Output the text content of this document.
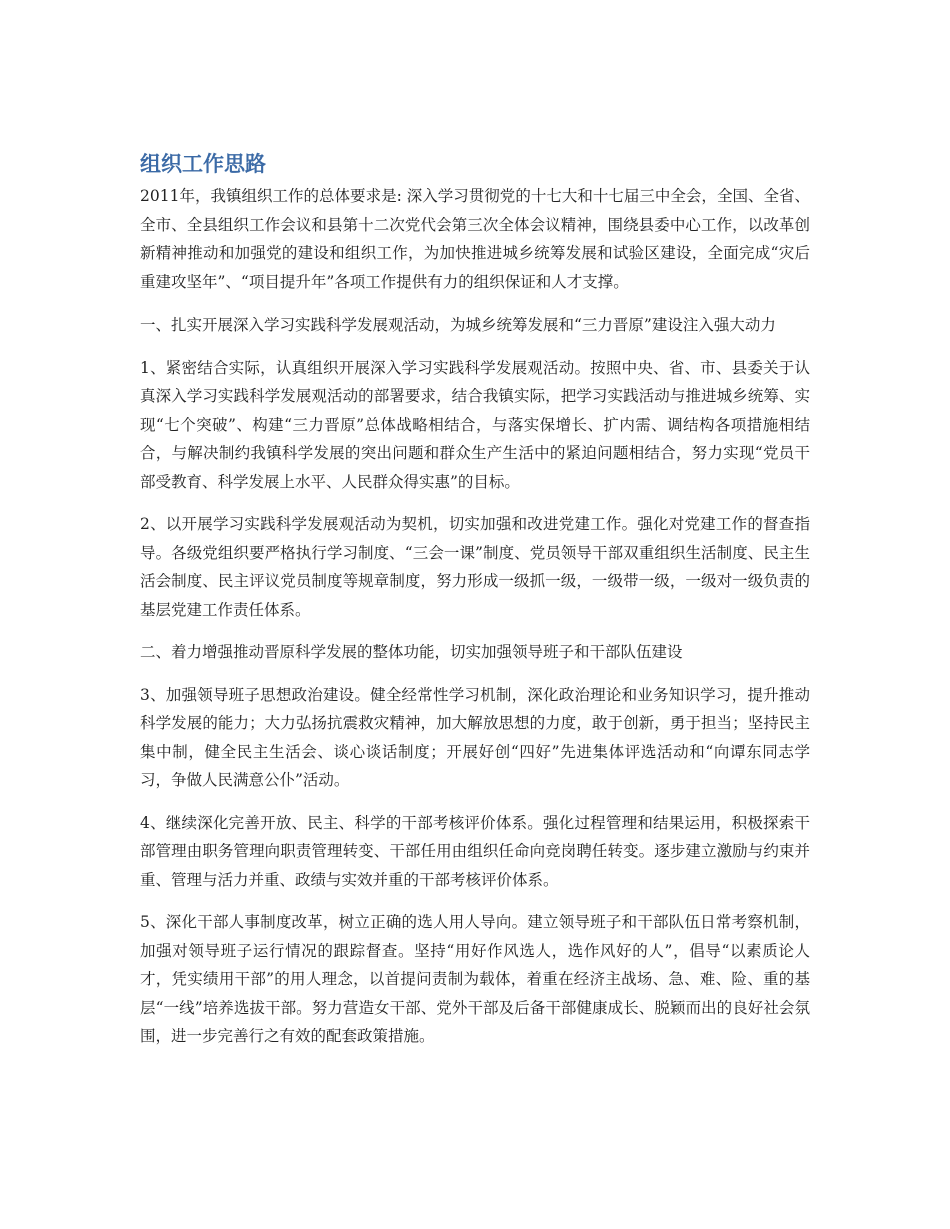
组织工作思路

2011年，我镇组织工作的总体要求是: 深入学习贯彻党的十七大和十七届三中全会，全国、全省、全市、全县组织工作会议和县第十二次党代会第三次全体会议精神，围绕县委中心工作，以改革创新精神推动和加强党的建设和组织工作，为加快推进城乡统筹发展和试验区建设，全面完成“灾后重建攻坚年”、“项目提升年”各项工作提供有力的组织保证和人才支撑。

一、扎实开展深入学习实践科学发展观活动，为城乡统筹发展和“三力晋原”建设注入强大动力

1、紧密结合实际，认真组织开展深入学习实践科学发展观活动。按照中央、省、市、县委关于认真深入学习实践科学发展观活动的部署要求，结合我镇实际，把学习实践活动与推进城乡统筹、实现“七个突破”、构建“三力晋原”总体战略相结合，与落实保增长、扩内需、调结构各项措施相结合，与解决制约我镇科学发展的突出问题和群众生产生活中的紧迫问题相结合，努力实现“党员干部受教育、科学发展上水平、人民群众得实惠”的目标。

2、以开展学习实践科学发展观活动为契机，切实加强和改进党建工作。强化对党建工作的督查指导。各级党组织要严格执行学习制度、“三会一课”制度、党员领导干部双重组织生活制度、民主生活会制度、民主评议党员制度等规章制度，努力形成一级抓一级，一级带一级，一级对一级负责的基层党建工作责任体系。

二、着力增强推动晋原科学发展的整体功能，切实加强领导班子和干部队伍建设

3、加强领导班子思想政治建设。健全经常性学习机制，深化政治理论和业务知识学习，提升推动科学发展的能力；大力弘扬抗震救灾精神，加大解放思想的力度，敢于创新，勇于担当；坚持民主集中制，健全民主生活会、谈心谈话制度；开展好创“四好”先进集体评选活动和“向谭东同志学习，争做人民满意公仆”活动。

4、继续深化完善开放、民主、科学的干部考核评价体系。强化过程管理和结果运用，积极探索干部管理由职务管理向职责管理转变、干部任用由组织任命向竞岗聘任转变。逐步建立激励与约束并重、管理与活力并重、政绩与实效并重的干部考核评价体系。

5、深化干部人事制度改革，树立正确的选人用人导向。建立领导班子和干部队伍日常考察机制，加强对领导班子运行情况的跟踪督查。坚持“用好作风选人，选作风好的人”，倡导“以素质论人才，凭实绩用干部”的用人理念，以首提问责制为载体，着重在经济主战场、急、难、险、重的基层“一线”培养选拔干部。努力营造女干部、党外干部及后备干部健康成长、脱颖而出的良好社会氛围，进一步完善行之有效的配套政策措施。
